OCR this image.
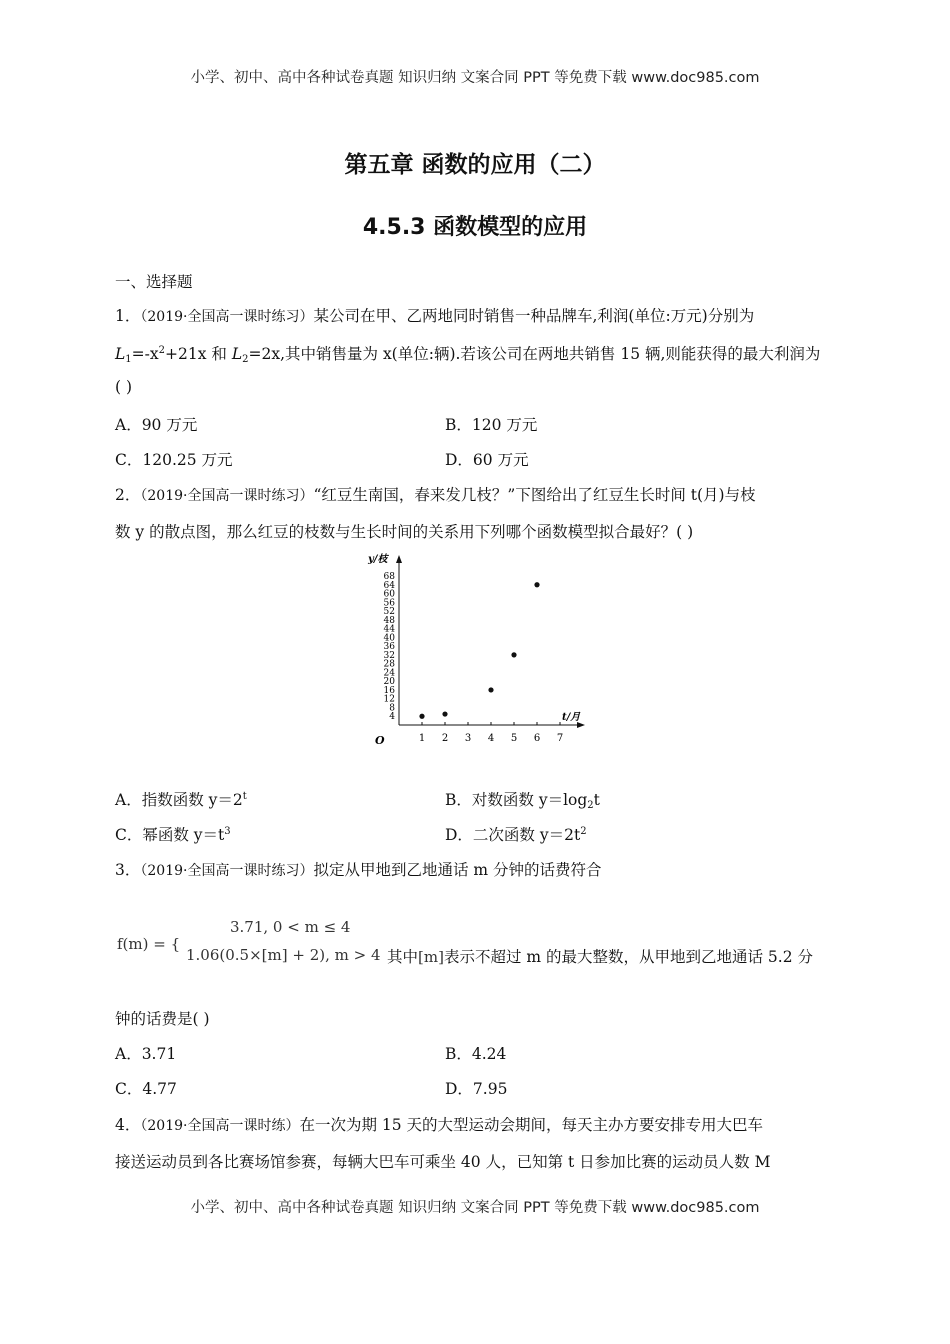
小学、初中、高中各种试卷真题 知识归纳 文案合同 PPT 等免费下载 www.doc985.com
第五章 函数的应用（二）
4.5.3 函数模型的应用
一、选择题
1．（2019·全国高一课时练习）某公司在甲、乙两地同时销售一种品牌车,利润(单位:万元)分别为
$L_1=-x^2+21x$ 和 $L_2=2x$,其中销售量为 x(单位:辆).若该公司在两地共销售 15 辆,则能获得的最大利润为
( )
A．90 万元	B．120 万元
C．120.25 万元	D．60 万元
2．（2019·全国高一课时练习）“红豆生南国，春来发几枝？”下图给出了红豆生长时间 t(月)与枝
数 y 的散点图，那么红豆的枝数与生长时间的关系用下列哪个函数模型拟合最好？( )
y/枝
t/月
O
4
8
12
16
20
24
28
32
36
40
44
48
52
56
60
64
68
1 2 3 4 5 6 7
A．指数函数 $y=2^t$	B．对数函数 $y=\log_2t$
C．幂函数 $y=t^3$	D．二次函数 $y=2t^2$
3．（2019·全国高一课时练习）拟定从甲地到乙地通话 m 分钟的话费符合
3.71, 0 < m ≤ 4
f(m) = {
1.06(0.5×[m] + 2), m > 4 其中[m]表示不超过 m 的最大整数，从甲地到乙地通话 5.2 分
钟的话费是( )
A．3.71	B．4.24
C．4.77	D．7.95
4．（2019·全国高一课时练）在一次为期 15 天的大型运动会期间，每天主办方要安排专用大巴车
接送运动员到各比赛场馆参赛，每辆大巴车可乘坐 40 人，已知第 t 日参加比赛的运动员人数 M
小学、初中、高中各种试卷真题 知识归纳 文案合同 PPT 等免费下载 www.doc985.com
